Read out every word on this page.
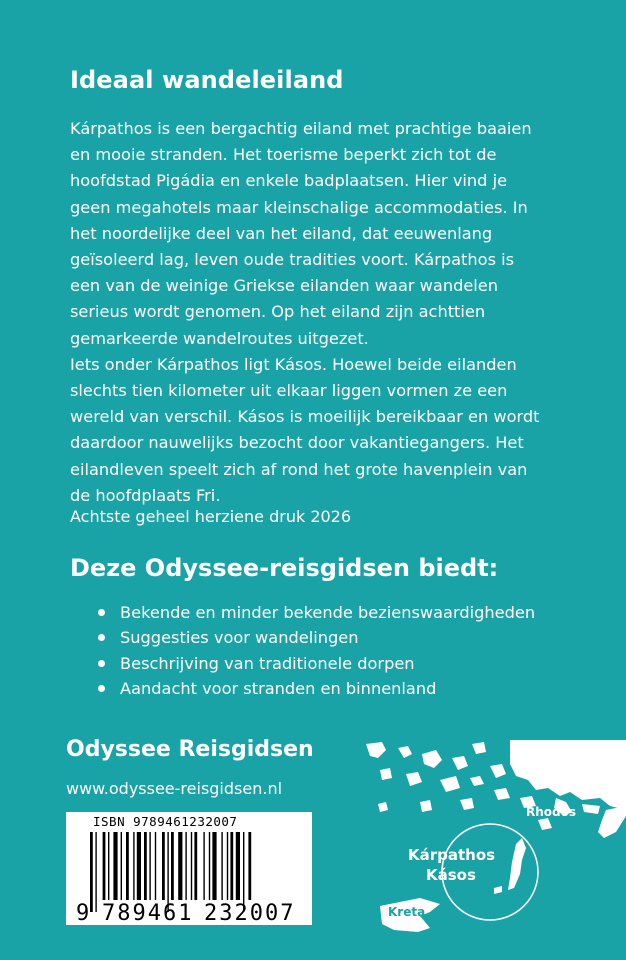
Ideaal wandeleiland

Kárpathos is een bergachtig eiland met prachtige baaien
en mooie stranden. Het toerisme beperkt zich tot de
hoofdstad Pigádia en enkele badplaatsen. Hier vind je
geen megahotels maar kleinschalige accommodaties. In
het noordelijke deel van het eiland, dat eeuwenlang
geïsoleerd lag, leven oude tradities voort. Kárpathos is
een van de weinige Griekse eilanden waar wandelen
serieus wordt genomen. Op het eiland zijn achttien
gemarkeerde wandelroutes uitgezet.

Iets onder Kárpathos ligt Kásos. Hoewel beide eilanden
slechts tien kilometer uit elkaar liggen vormen ze een
wereld van verschil. Kásos is moeilijk bereikbaar en wordt
daardoor nauwelijks bezocht door vakantiegangers. Het
eilandleven speelt zich af rond het grote havenplein van
de hoofdplaats Fri.

Achtste geheel herziene druk 2026
Deze Odyssee-reisgidsen biedt:
Bekende en minder bekende bezienswaardigheden
Suggesties voor wandelingen
Beschrijving van traditionele dorpen
Aandacht voor stranden en binnenland
Odyssee Reisgidsen
www.odyssee-reisgidsen.nl
ISBN 9789461232007
9 789461 232007
Rhodos
Kárpathos
Kásos
Kreta
